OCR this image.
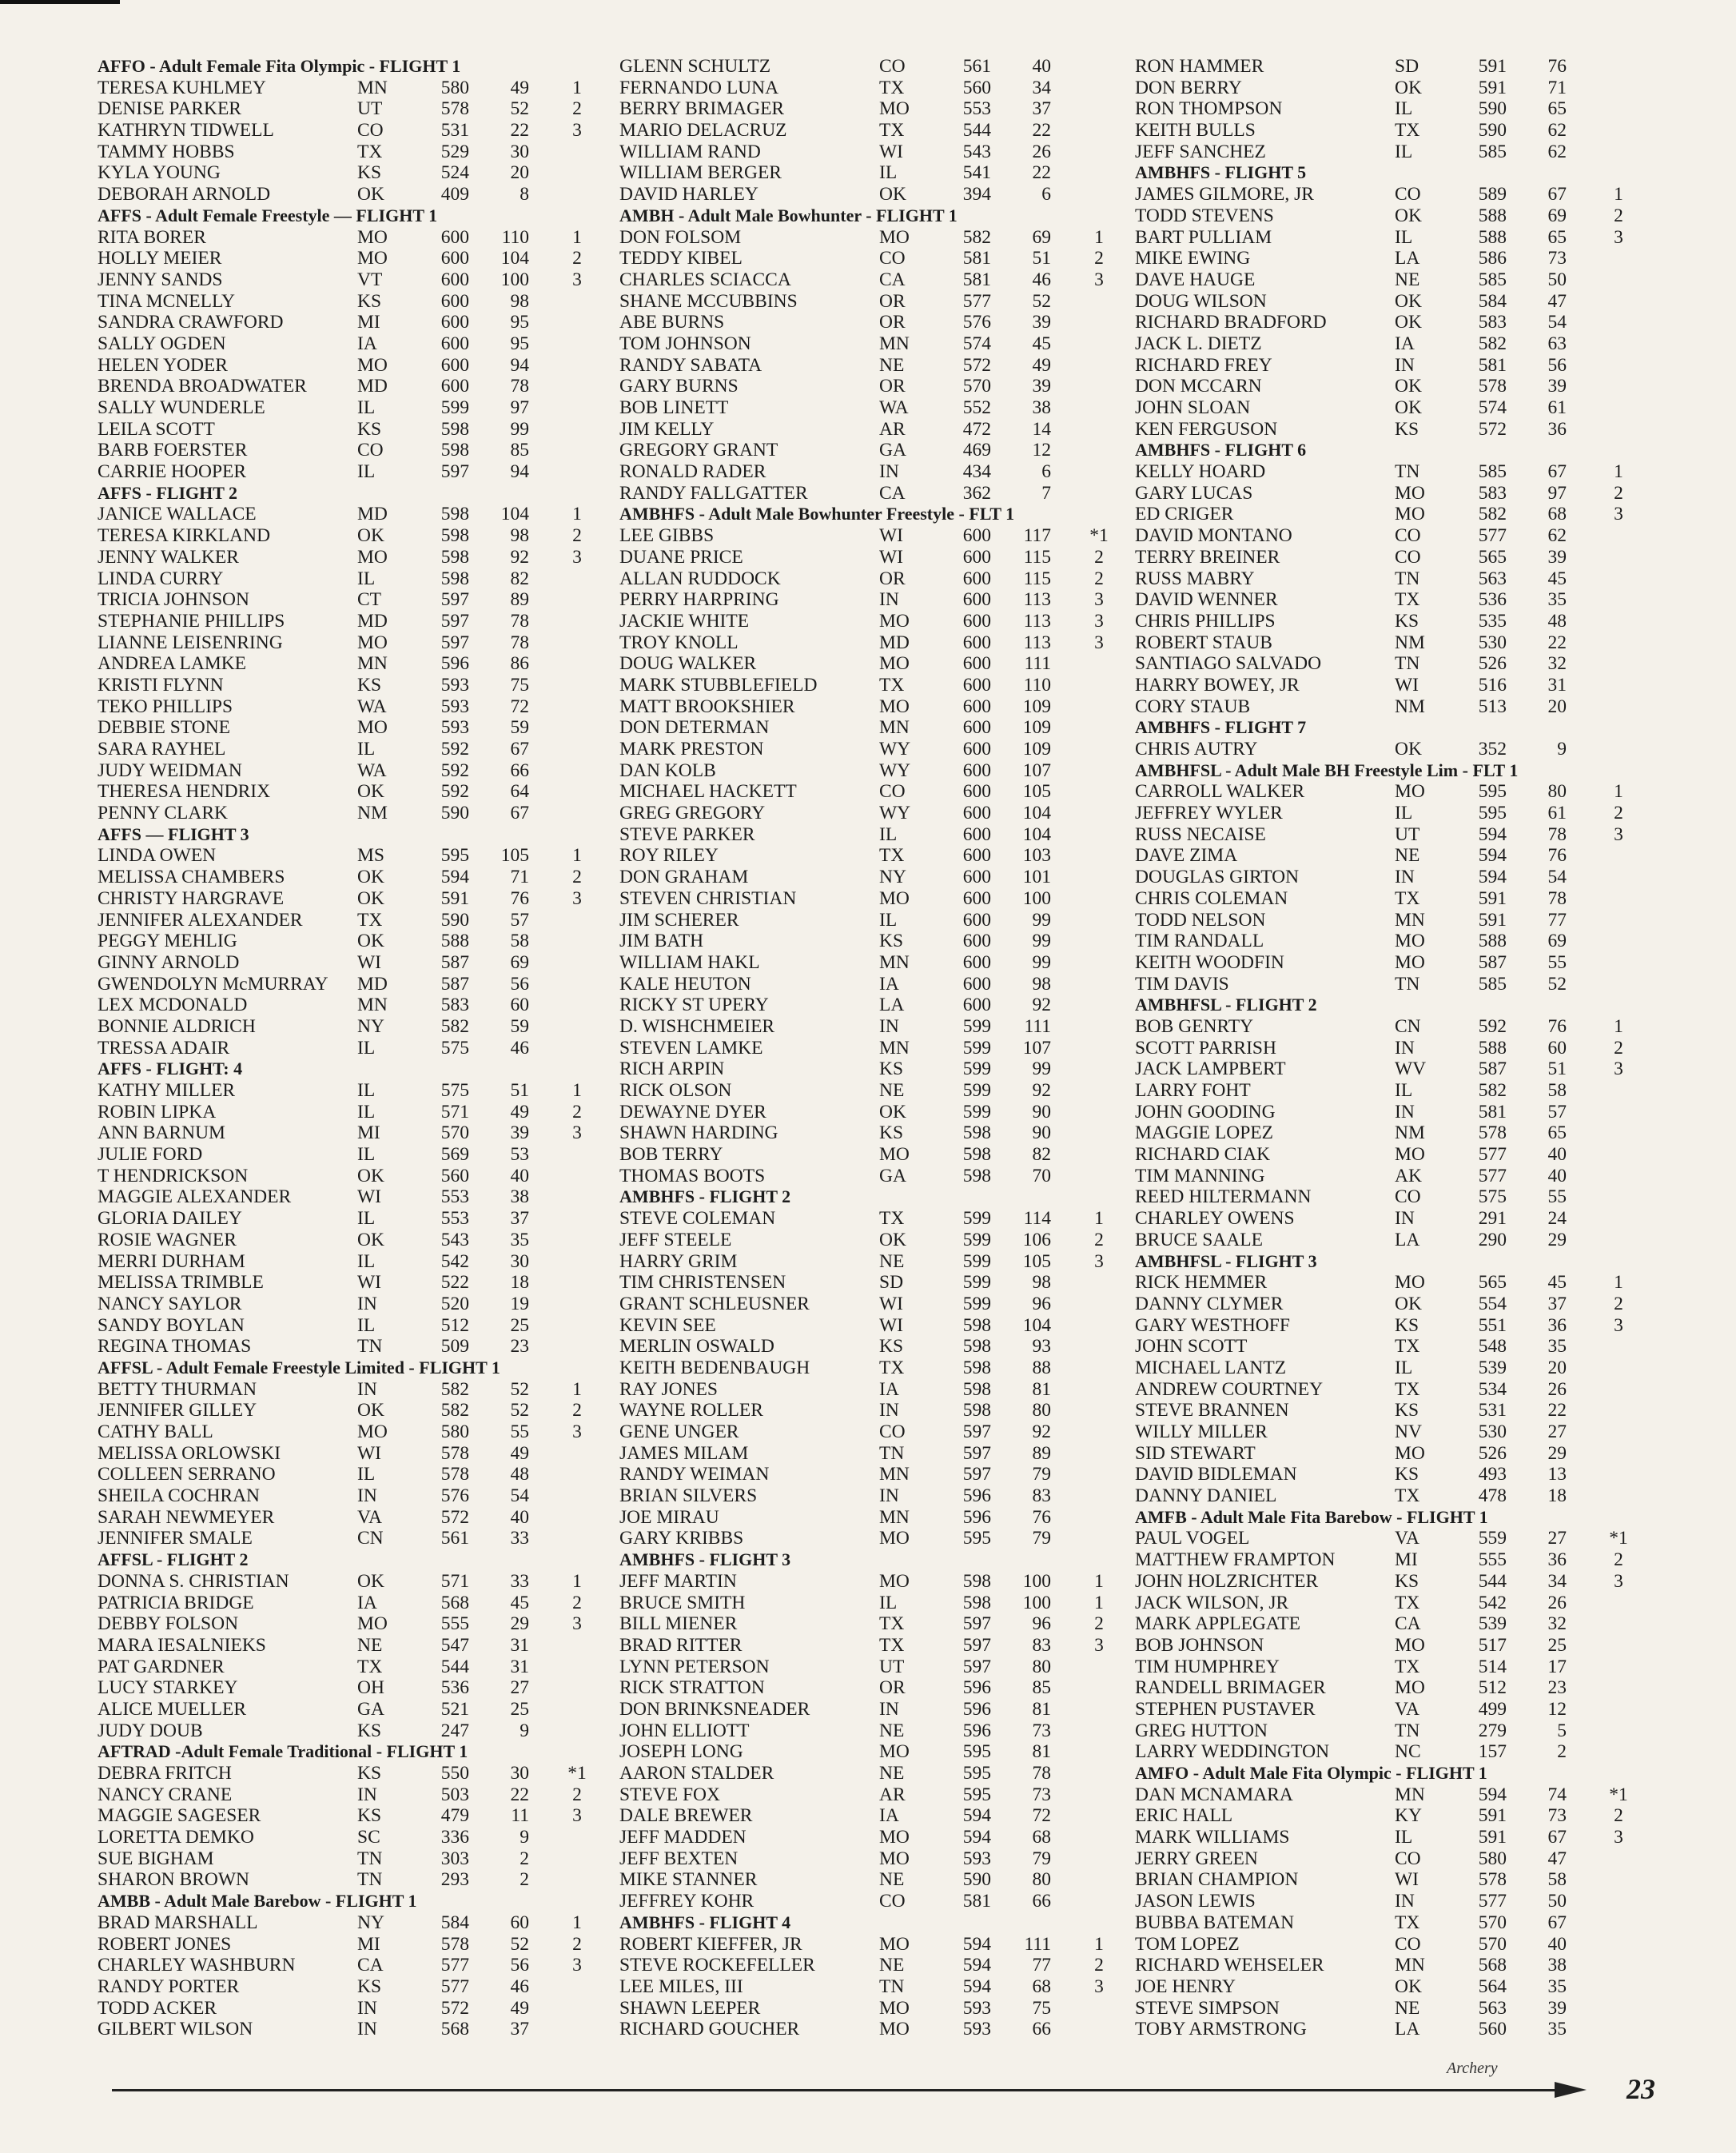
AFFO - Adult Female Fita Olympic - FLIGHT 1
TERESA KUHLMEY	MN	580	49	1
DENISE PARKER	UT	578	52	2
KATHRYN TIDWELL	CO	531	22	3
TAMMY HOBBS	TX	529	30
KYLA YOUNG	KS	524	20
DEBORAH ARNOLD	OK	409	8
AFFS - Adult Female Freestyle — FLIGHT 1
RITA BORER	MO	600	110	1
HOLLY MEIER	MO	600	104	2
JENNY SANDS	VT	600	100	3
TINA MCNELLY	KS	600	98
SANDRA CRAWFORD	MI	600	95
SALLY OGDEN	IA	600	95
HELEN YODER	MO	600	94
BRENDA BROADWATER	MD	600	78
SALLY WUNDERLE	IL	599	97
LEILA SCOTT	KS	598	99
BARB FOERSTER	CO	598	85
CARRIE HOOPER	IL	597	94
AFFS - FLIGHT 2
JANICE WALLACE	MD	598	104	1
TERESA KIRKLAND	OK	598	98	2
JENNY WALKER	MO	598	92	3
LINDA CURRY	IL	598	82
TRICIA JOHNSON	CT	597	89
STEPHANIE PHILLIPS	MD	597	78
LIANNE LEISENRING	MO	597	78
ANDREA LAMKE	MN	596	86
KRISTI FLYNN	KS	593	75
TEKO PHILLIPS	WA	593	72
DEBBIE STONE	MO	593	59
SARA RAYHEL	IL	592	67
JUDY WEIDMAN	WA	592	66
THERESA HENDRIX	OK	592	64
PENNY CLARK	NM	590	67
AFFS — FLIGHT 3
LINDA OWEN	MS	595	105	1
MELISSA CHAMBERS	OK	594	71	2
CHRISTY HARGRAVE	OK	591	76	3
JENNIFER ALEXANDER	TX	590	57
PEGGY MEHLIG	OK	588	58
GINNY ARNOLD	WI	587	69
GWENDOLYN McMURRAY MD	587	56
LEX MCDONALD	MN	583	60
BONNIE ALDRICH	NY	582	59
TRESSA ADAIR	IL	575	46
AFFS - FLIGHT: 4
KATHY MILLER	IL	575	51	1
ROBIN LIPKA	IL	571	49	2
ANN BARNUM	MI	570	39	3
JULIE FORD	IL	569	53
T HENDRICKSON	OK	560	40
MAGGIE ALEXANDER	WI	553	38
GLORIA DAILEY	IL	553	37
ROSIE WAGNER	OK	543	35
MERRI DURHAM	IL	542	30
MELISSA TRIMBLE	WI	522	18
NANCY SAYLOR	IN	520	19
SANDY BOYLAN	IL	512	25
REGINA THOMAS	TN	509	23
AFFSL - Adult Female Freestyle Limited - FLIGHT 1
BETTY THURMAN	IN	582	52	1
JENNIFER GILLEY	OK	582	52	2
CATHY BALL	MO	580	55	3
MELISSA ORLOWSKI	WI	578	49
COLLEEN SERRANO	IL	578	48
SHEILA COCHRAN	IN	576	54
SARAH NEWMEYER	VA	572	40
JENNIFER SMALE	CN	561	33
AFFSL - FLIGHT 2
DONNA S. CHRISTIAN	OK	571	33	1
PATRICIA BRIDGE	IA	568	45	2
DEBBY FOLSON	MO	555	29	3
MARA IESALNIEKS	NE	547	31
PAT GARDNER	TX	544	31
LUCY STARKEY	OH	536	27
ALICE MUELLER	GA	521	25
JUDY DOUB	KS	247	9
AFTRAD -Adult Female Traditional - FLIGHT 1
DEBRA FRITCH	KS	550	30	*1
NANCY CRANE	IN	503	22	2
MAGGIE SAGESER	KS	479	11	3
LORETTA DEMKO	SC	336	9
SUE BIGHAM	TN	303	2
SHARON BROWN	TN	293	2
AMBB - Adult Male Barebow - FLIGHT 1
BRAD MARSHALL	NY	584	60	1
ROBERT JONES	MI	578	52	2
CHARLEY WASHBURN	CA	577	56	3
RANDY PORTER	KS	577	46
TODD ACKER	IN	572	49
GILBERT WILSON	IN	568	37
GLENN SCHULTZ	CO	561	40
FERNANDO LUNA	TX	560	34
BERRY BRIMAGER	MO	553	37
MARIO DELACRUZ	TX	544	22
WILLIAM RAND	WI	543	26
WILLIAM BERGER	IL	541	22
DAVID HARLEY	OK	394	6
AMBH - Adult Male Bowhunter - FLIGHT 1
DON FOLSOM	MO	582	69	1
TEDDY KIBEL	CO	581	51	2
CHARLES SCIACCA	CA	581	46	3
SHANE MCCUBBINS	OR	577	52
ABE BURNS	OR	576	39
TOM JOHNSON	MN	574	45
RANDY SABATA	NE	572	49
GARY BURNS	OR	570	39
BOB LINETT	WA	552	38
JIM KELLY	AR	472	14
GREGORY GRANT	GA	469	12
RONALD RADER	IN	434	6
RANDY FALLGATTER	CA	362	7
AMBHFS - Adult Male Bowhunter Freestyle - FLT 1
LEE GIBBS	WI	600	117	*1
DUANE PRICE	WI	600	115	2
ALLAN RUDDOCK	OR	600	115	2
PERRY HARPRING	IN	600	113	3
JACKIE WHITE	MO	600	113	3
TROY KNOLL	MD	600	113	3
DOUG WALKER	MO	600	111
MARK STUBBLEFIELD	TX	600	110
MATT BROOKSHIER	MO	600	109
DON DETERMAN	MN	600	109
MARK PRESTON	WY	600	109
DAN KOLB	WY	600	107
MICHAEL HACKETT	CO	600	105
GREG GREGORY	WY	600	104
STEVE PARKER	IL	600	104
ROY RILEY	TX	600	103
DON GRAHAM	NY	600	101
STEVEN CHRISTIAN	MO	600	100
JIM SCHERER	IL	600	99
JIM BATH	KS	600	99
WILLIAM HAKL	MN	600	99
KALE HEUTON	IA	600	98
RICKY ST UPERY	LA	600	92
D. WISHCHMEIER	IN	599	111
STEVEN LAMKE	MN	599	107
RICH ARPIN	KS	599	99
RICK OLSON	NE	599	92
DEWAYNE DYER	OK	599	90
SHAWN HARDING	KS	598	90
BOB TERRY	MO	598	82
THOMAS BOOTS	GA	598	70
AMBHFS - FLIGHT 2
STEVE COLEMAN	TX	599	114	1
JEFF STEELE	OK	599	106	2
HARRY GRIM	NE	599	105	3
TIM CHRISTENSEN	SD	599	98
GRANT SCHLEUSNER	WI	599	96
KEVIN SEE	WI	598	104
MERLIN OSWALD	KS	598	93
KEITH BEDENBAUGH	TX	598	88
RAY JONES	IA	598	81
WAYNE ROLLER	IN	598	80
GENE UNGER	CO	597	92
JAMES MILAM	TN	597	89
RANDY WEIMAN	MN	597	79
BRIAN SILVERS	IN	596	83
JOE MIRAU	MN	596	76
GARY KRIBBS	MO	595	79
AMBHFS - FLIGHT 3
JEFF MARTIN	MO	598	100	1
BRUCE SMITH	IL	598	100	1
BILL MIENER	TX	597	96	2
BRAD RITTER	TX	597	83	3
LYNN PETERSON	UT	597	80
RICK STRATTON	OR	596	85
DON BRINKSNEADER	IN	596	81
JOHN ELLIOTT	NE	596	73
JOSEPH LONG	MO	595	81
AARON STALDER	NE	595	78
STEVE FOX	AR	595	73
DALE BREWER	IA	594	72
JEFF MADDEN	MO	594	68
JEFF BEXTEN	MO	593	79
MIKE STANNER	NE	590	80
JEFFREY KOHR	CO	581	66
AMBHFS - FLIGHT 4
ROBERT KIEFFER, JR	MO	594	111	1
STEVE ROCKEFELLER	NE	594	77	2
LEE MILES, III	TN	594	68	3
SHAWN LEEPER	MO	593	75
RICHARD GOUCHER	MO	593	66
RON HAMMER	SD	591	76
DON BERRY	OK	591	71
RON THOMPSON	IL	590	65
KEITH BULLS	TX	590	62
JEFF SANCHEZ	IL	585	62
AMBHFS - FLIGHT 5
JAMES GILMORE, JR	CO	589	67	1
TODD STEVENS	OK	588	69	2
BART PULLIAM	IL	588	65	3
MIKE EWING	LA	586	73
DAVE HAUGE	NE	585	50
DOUG WILSON	OK	584	47
RICHARD BRADFORD	OK	583	54
JACK L. DIETZ	IA	582	63
RICHARD FREY	IN	581	56
DON MCCARN	OK	578	39
JOHN SLOAN	OK	574	61
KEN FERGUSON	KS	572	36
AMBHFS - FLIGHT 6
KELLY HOARD	TN	585	67	1
GARY LUCAS	MO	583	97	2
ED CRIGER	MO	582	68	3
DAVID MONTANO	CO	577	62
TERRY BREINER	CO	565	39
RUSS MABRY	TN	563	45
DAVID WENNER	TX	536	35
CHRIS PHILLIPS	KS	535	48
ROBERT STAUB	NM	530	22
SANTIAGO SALVADO	TN	526	32
HARRY BOWEY, JR	WI	516	31
CORY STAUB	NM	513	20
AMBHFS - FLIGHT 7
CHRIS AUTRY	OK	352	9
AMBHFSL - Adult Male BH Freestyle Lim - FLT 1
CARROLL WALKER	MO	595	80	1
JEFFREY WYLER	IL	595	61	2
RUSS NECAISE	UT	594	78	3
DAVE ZIMA	NE	594	76
DOUGLAS GIRTON	IN	594	54
CHRIS COLEMAN	TX	591	78
TODD NELSON	MN	591	77
TIM RANDALL	MO	588	69
KEITH WOODFIN	MO	587	55
TIM DAVIS	TN	585	52
AMBHFSL - FLIGHT 2
BOB GENRTY	CN	592	76	1
SCOTT PARRISH	IN	588	60	2
JACK LAMPBERT	WV	587	51	3
LARRY FOHT	IL	582	58
JOHN GOODING	IN	581	57
MAGGIE LOPEZ	NM	578	65
RICHARD CIAK	MO	577	40
TIM MANNING	AK	577	40
REED HILTERMANN	CO	575	55
CHARLEY OWENS	IN	291	24
BRUCE SAALE	LA	290	29
AMBHFSL - FLIGHT 3
RICK HEMMER	MO	565	45	1
DANNY CLYMER	OK	554	37	2
GARY WESTHOFF	KS	551	36	3
JOHN SCOTT	TX	548	35
MICHAEL LANTZ	IL	539	20
ANDREW COURTNEY	TX	534	26
STEVE BRANNEN	KS	531	22
WILLY MILLER	NV	530	27
SID STEWART	MO	526	29
DAVID BIDLEMAN	KS	493	13
DANNY DANIEL	TX	478	18
AMFB - Adult Male Fita Barebow - FLIGHT 1
PAUL VOGEL	VA	559	27	*1
MATTHEW FRAMPTON	MI	555	36	2
JOHN HOLZRICHTER	KS	544	34	3
JACK WILSON, JR	TX	542	26
MARK APPLEGATE	CA	539	32
BOB JOHNSON	MO	517	25
TIM HUMPHREY	TX	514	17
RANDELL BRIMAGER	MO	512	23
STEPHEN PUSTAVER	VA	499	12
GREG HUTTON	TN	279	5
LARRY WEDDINGTON	NC	157	2
AMFO - Adult Male Fita Olympic - FLIGHT 1
DAN MCNAMARA	MN	594	74	*1
ERIC HALL	KY	591	73	2
MARK WILLIAMS	IL	591	67	3
JERRY GREEN	CO	580	47
BRIAN CHAMPION	WI	578	58
JASON LEWIS	IN	577	50
BUBBA BATEMAN	TX	570	67
TOM LOPEZ	CO	570	40
RICHARD WEHSELER	MN	568	38
JOE HENRY	OK	564	35
STEVE SIMPSON	NE	563	39
TOBY ARMSTRONG	LA	560	35
Archery
23
